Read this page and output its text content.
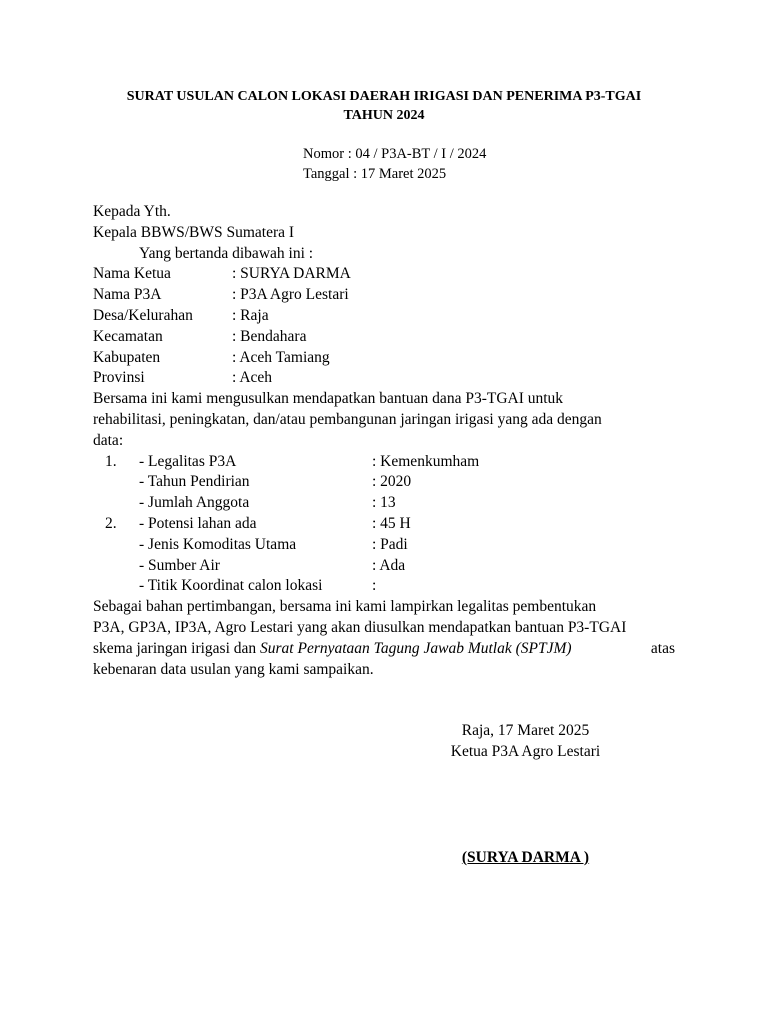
SURAT USULAN CALON LOKASI DAERAH IRIGASI DAN PENERIMA P3-TGAI
TAHUN 2024
Nomor : 04 / P3A-BT / I / 2024
Tanggal : 17 Maret 2025
Kepada Yth.
Kepala BBWS/BWS Sumatera I
Yang bertanda dibawah ini :
Nama Ketua	: SURYA DARMA
Nama P3A	: P3A Agro Lestari
Desa/Kelurahan	: Raja
Kecamatan	: Bendahara
Kabupaten	: Aceh Tamiang
Provinsi	: Aceh
Bersama ini kami mengusulkan mendapatkan bantuan dana P3-TGAI untuk
rehabilitasi, peningkatan, dan/atau pembangunan jaringan irigasi yang ada dengan
data:
1.	- Legalitas P3A	: Kemenkumham
- Tahun Pendirian	: 2020
- Jumlah Anggota	: 13
2.	- Potensi lahan ada	: 45 H
- Jenis Komoditas Utama	: Padi
- Sumber Air	: Ada
- Titik Koordinat calon lokasi	:
Sebagai bahan pertimbangan, bersama ini kami lampirkan legalitas pembentukan
P3A, GP3A, IP3A, Agro Lestari yang akan diusulkan mendapatkan bantuan P3-TGAI
skema jaringan irigasi dan Surat Pernyataan Tagung Jawab Mutlak (SPTJM)	atas
kebenaran data usulan yang kami sampaikan.
Raja, 17 Maret 2025
Ketua P3A Agro Lestari
(SURYA DARMA )
